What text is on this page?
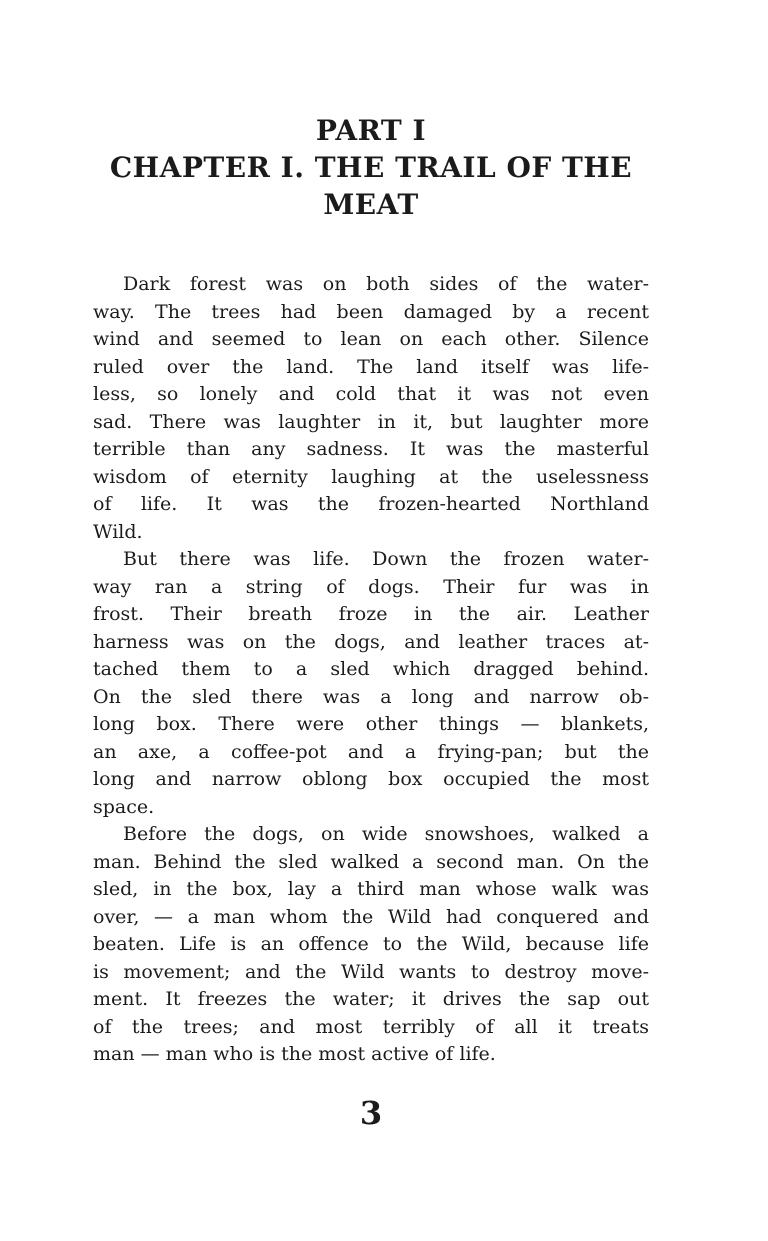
PART I
CHAPTER I. THE TRAIL OF THE
MEAT
Dark forest was on both sides of the water-
way. The trees had been damaged by a recent
wind and seemed to lean on each other. Silence
ruled over the land. The land itself was life-
less, so lonely and cold that it was not even
sad. There was laughter in it, but laughter more
terrible than any sadness. It was the masterful
wisdom of eternity laughing at the uselessness
of life. It was the frozen-hearted Northland
Wild.
But there was life. Down the frozen water-
way ran a string of dogs. Their fur was in
frost. Their breath froze in the air. Leather
harness was on the dogs, and leather traces at-
tached them to a sled which dragged behind.
On the sled there was a long and narrow ob-
long box. There were other things — blankets,
an axe, a coffee-pot and a frying-pan; but the
long and narrow oblong box occupied the most
space.
Before the dogs, on wide snowshoes, walked a
man. Behind the sled walked a second man. On the
sled, in the box, lay a third man whose walk was
over, — a man whom the Wild had conquered and
beaten. Life is an offence to the Wild, because life
is movement; and the Wild wants to destroy move-
ment. It freezes the water; it drives the sap out
of the trees; and most terribly of all it treats
man — man who is the most active of life.
3
